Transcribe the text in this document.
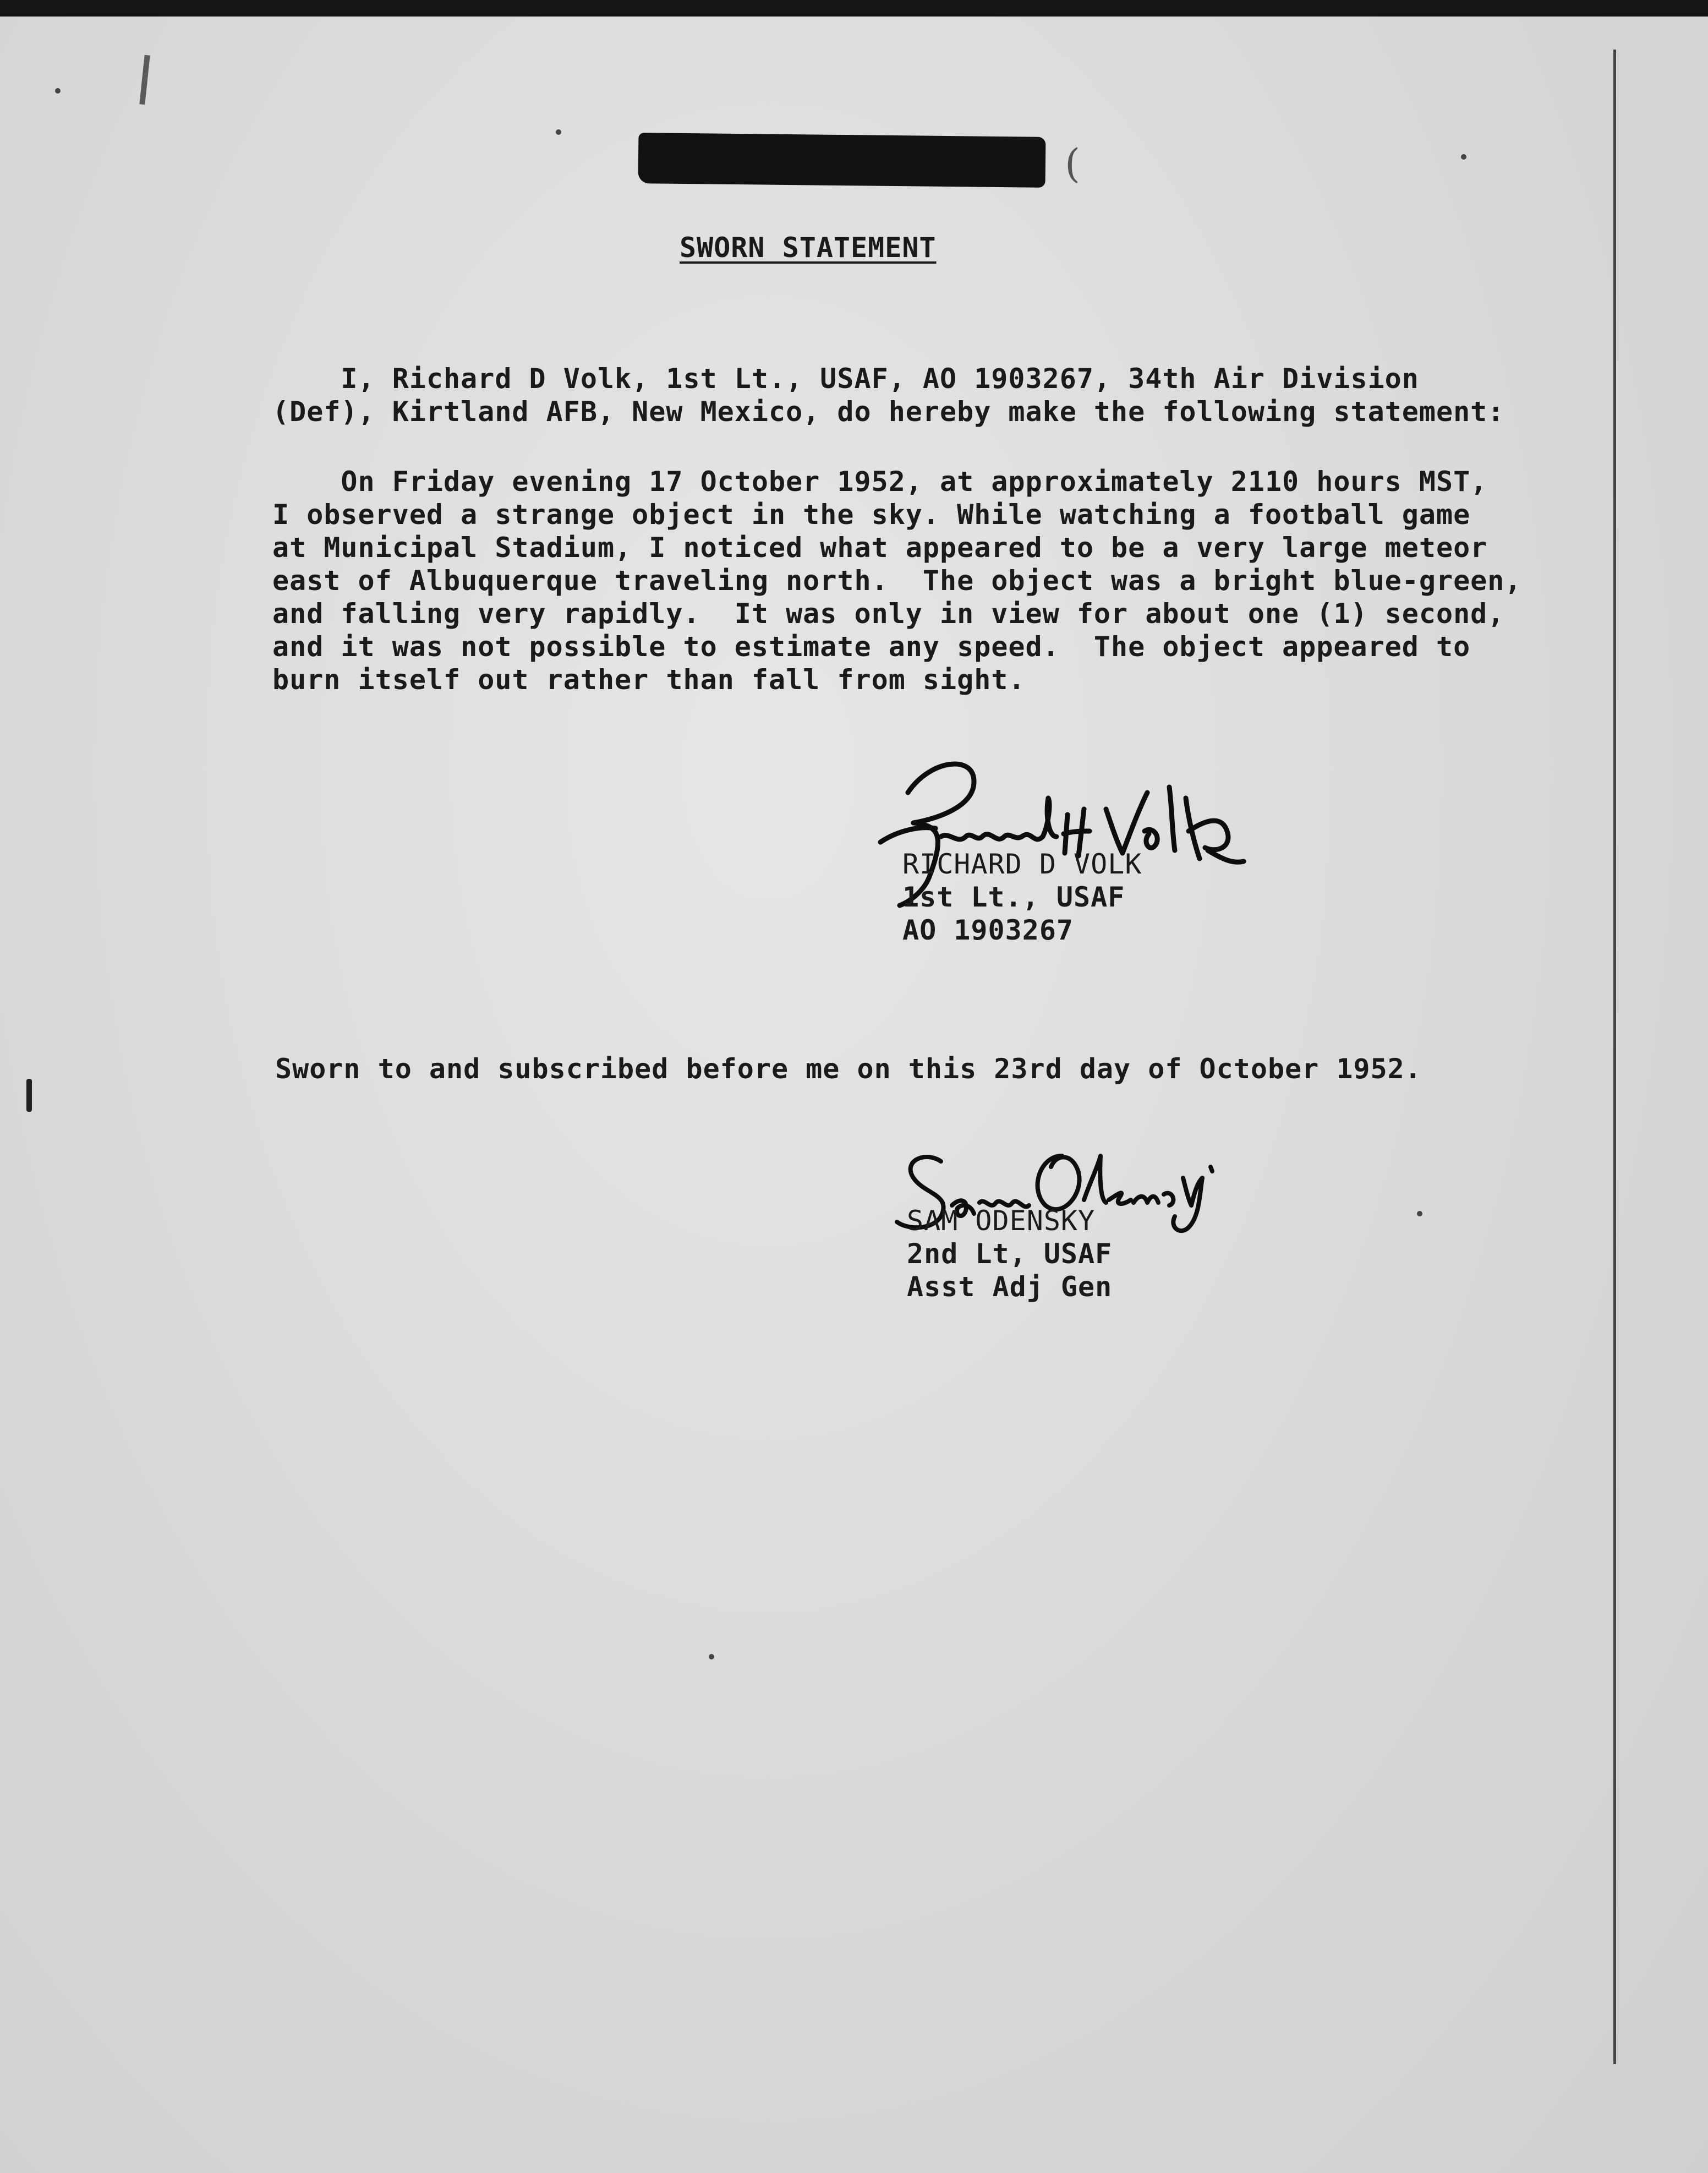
(
SWORN STATEMENT
I, Richard D Volk, 1st Lt., USAF, AO 1903267, 34th Air Division
(Def), Kirtland AFB, New Mexico, do hereby make the following statement:
On Friday evening 17 October 1952, at approximately 2110 hours MST,
I observed a strange object in the sky. While watching a football game
at Municipal Stadium, I noticed what appeared to be a very large meteor
east of Albuquerque traveling north.  The object was a bright blue-green,
and falling very rapidly.  It was only in view for about one (1) second,
and it was not possible to estimate any speed.  The object appeared to
burn itself out rather than fall from sight.
RICHARD D VOLK
1st Lt., USAF
AO 1903267
Sworn to and subscribed before me on this 23rd day of October 1952.
SAM ODENSKY
2nd Lt, USAF
Asst Adj Gen
